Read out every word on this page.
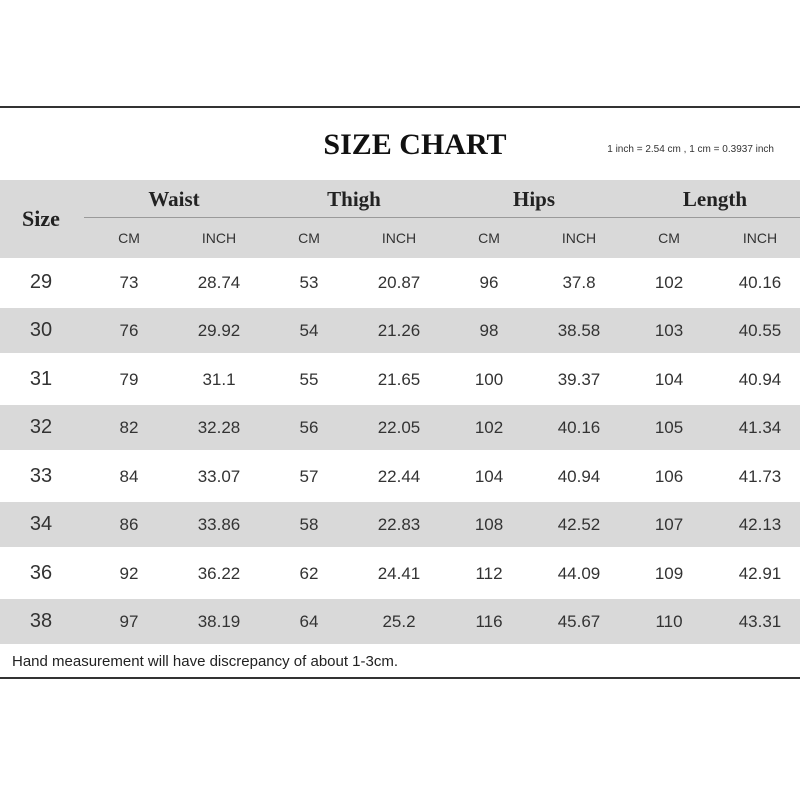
SIZE CHART	1 inch = 2.54 cm , 1 cm = 0.3937 inch
Size
Waist	Thigh	Hips	Length
CM	INCH	CM	INCH	CM	INCH	CM	INCH
29	73	28.74	53	20.87	96	37.8	102	40.16
30	76	29.92	54	21.26	98	38.58	103	40.55
31	79	31.1	55	21.65	100	39.37	104	40.94
32	82	32.28	56	22.05	102	40.16	105	41.34
33	84	33.07	57	22.44	104	40.94	106	41.73
34	86	33.86	58	22.83	108	42.52	107	42.13
36	92	36.22	62	24.41	112	44.09	109	42.91
38	97	38.19	64	25.2	116	45.67	110	43.31
Hand measurement will have discrepancy of about 1-3cm.
